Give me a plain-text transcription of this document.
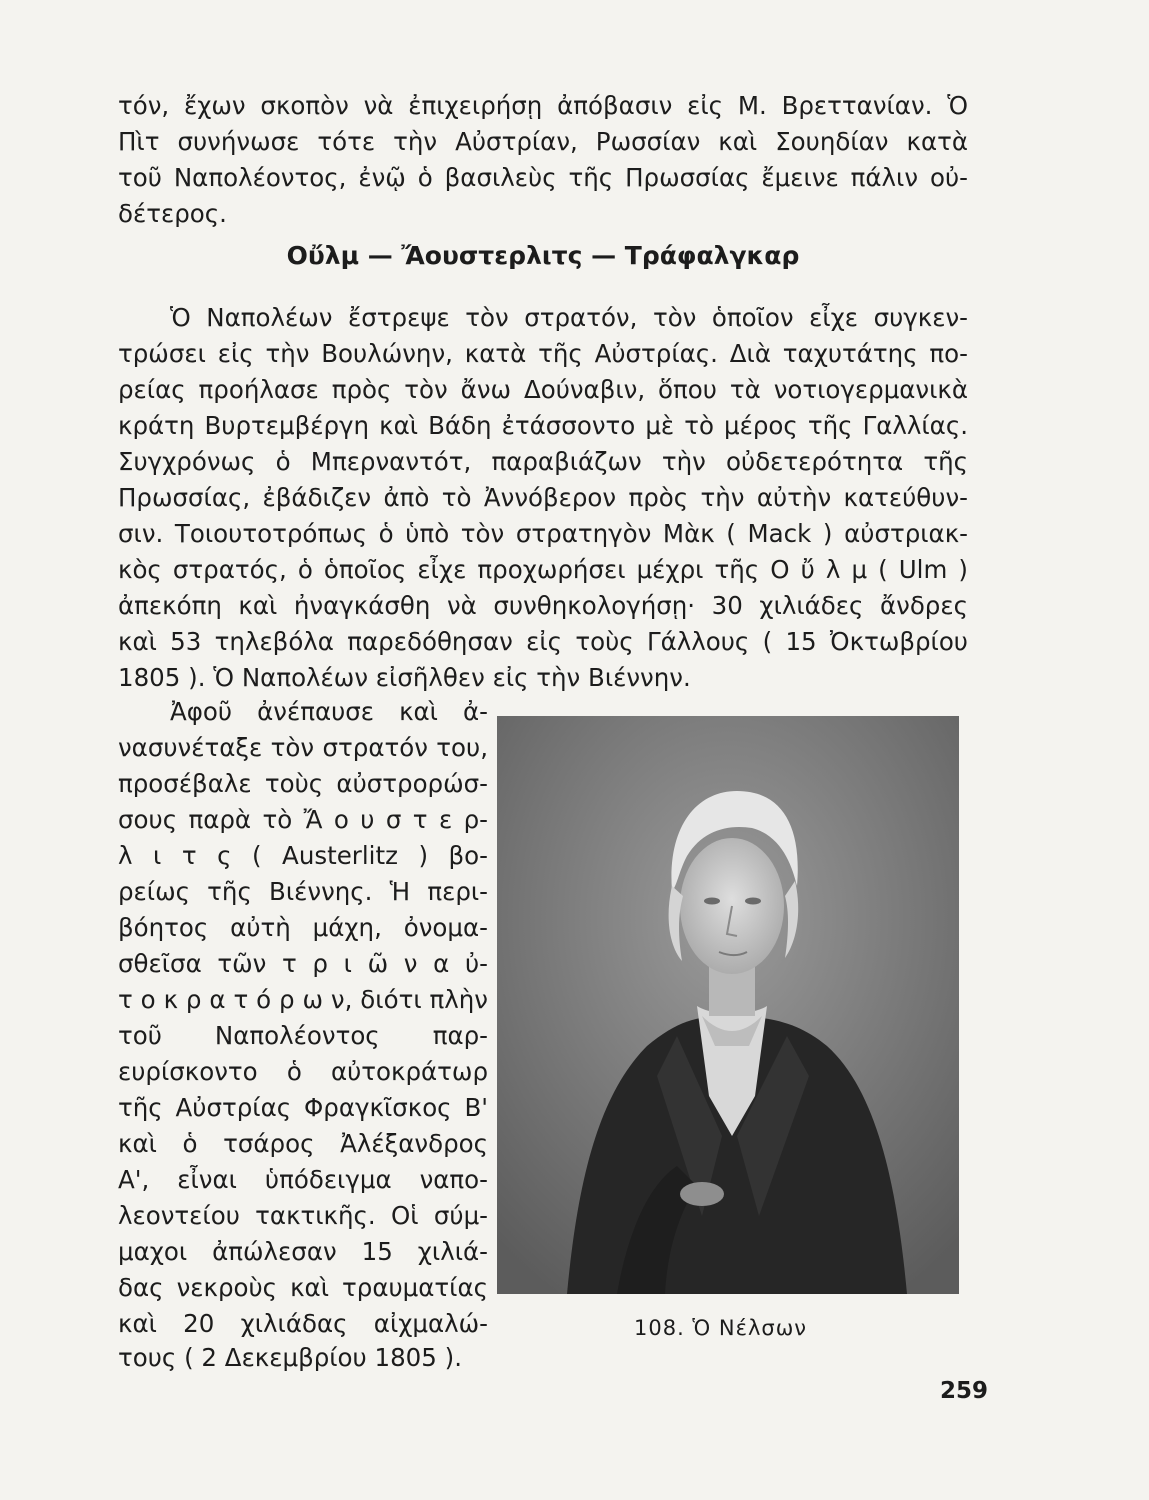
τόν, ἔχων σκοπὸν νὰ ἐπιχειρήσῃ ἀπόβασιν εἰς Μ. Βρεττανίαν. Ὁ
Πὶτ συνήνωσε τότε τὴν Αὐστρίαν, Ρωσσίαν καὶ Σουηδίαν κατὰ
τοῦ Ναπολέοντος, ἐνῷ ὁ βασιλεὺς τῆς Πρωσσίας ἔμεινε πάλιν οὐ-
δέτερος.
Οὔλμ — Ἄουστερλιτς — Τράφαλγκαρ
Ὁ Ναπολέων ἔστρεψε τὸν στρατόν, τὸν ὁποῖον εἶχε συγκεν-
τρώσει εἰς τὴν Βουλώνην, κατὰ τῆς Αὐστρίας. Διὰ ταχυτάτης πο-
ρείας προήλασε πρὸς τὸν ἄνω Δούναβιν, ὅπου τὰ νοτιογερμανικὰ
κράτη Βυρτεμβέργη καὶ Βάδη ἐτάσσοντο μὲ τὸ μέρος τῆς Γαλλίας.
Συγχρόνως ὁ Μπερναντότ, παραβιάζων τὴν οὐδετερότητα τῆς
Πρωσσίας, ἐβάδιζεν ἀπὸ τὸ Ἀννόβερον πρὸς τὴν αὐτὴν κατεύθυν-
σιν. Τοιουτοτρόπως ὁ ὑπὸ τὸν στρατηγὸν Μὰκ ( Mack ) αὐστριακ-
κὸς στρατός, ὁ ὁποῖος εἶχε προχωρήσει μέχρι τῆς Ο ὔ λ μ ( Ulm )
ἀπεκόπη καὶ ἠναγκάσθη νὰ συνθηκολογήσῃ· 30 χιλιάδες ἄνδρες
καὶ 53 τηλεβόλα παρεδόθησαν εἰς τοὺς Γάλλους ( 15 Ὀκτωβρίου
1805 ). Ὁ Ναπολέων εἰσῆλθεν εἰς τὴν Βιέννην.
Ἀφοῦ ἀνέπαυσε καὶ ἀ-
νασυνέταξε τὸν στρατόν του,
προσέβαλε τοὺς αὐστρορώσ-
σους παρὰ τὸ Ἄ ο υ σ τ ε ρ-
λ ι τ ς ( Austerlitz ) βο-
ρείως τῆς Βιέννης. Ἡ περι-
βόητος αὐτὴ μάχη, ὀνομα-
σθεῖσα τῶν τ ρ ι ῶ ν α ὐ-
τ ο κ ρ α τ ό ρ ω ν, διότι πλὴν
τοῦ Ναπολέοντος παρ-
ευρίσκοντο ὁ αὐτοκράτωρ
τῆς Αὐστρίας Φραγκῖσκος Β'
καὶ ὁ τσάρος Ἀλέξανδρος
Α', εἶναι ὑπόδειγμα ναπο-
λεοντείου τακτικῆς. Οἱ σύμ-
μαχοι ἀπώλεσαν 15 χιλιά-
δας νεκροὺς καὶ τραυματίας
καὶ 20 χιλιάδας αἰχμαλώ-
τους ( 2 Δεκεμβρίου 1805 ).
108. Ὁ Νέλσων
259
